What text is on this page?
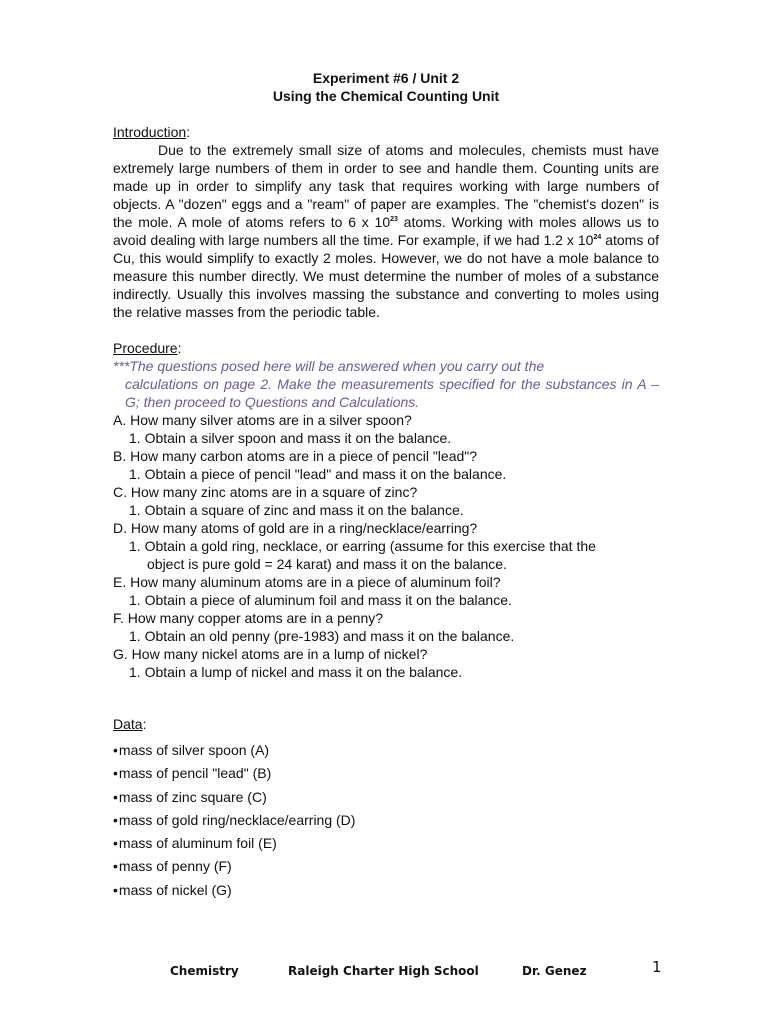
Experiment #6 / Unit 2
Using the Chemical Counting Unit
Introduction:
Due to the extremely small size of atoms and molecules, chemists must have extremely large numbers of them in order to see and handle them. Counting units are made up in order to simplify any task that requires working with large numbers of objects. A "dozen" eggs and a "ream" of paper are examples. The "chemist's dozen" is the mole. A mole of atoms refers to 6 x $10^{23}$ atoms. Working with moles allows us to avoid dealing with large numbers all the time. For example, if we had 1.2 x $10^{24}$ atoms of Cu, this would simplify to exactly 2 moles. However, we do not have a mole balance to measure this number directly. We must determine the number of moles of a substance indirectly. Usually this involves massing the substance and converting to moles using the relative masses from the periodic table.
Procedure:
***The questions posed here will be answered when you carry out the
calculations on page 2. Make the measurements specified for the substances in A – G; then proceed to Questions and Calculations.
A. How many silver atoms are in a silver spoon?
1. Obtain a silver spoon and mass it on the balance.
B. How many carbon atoms are in a piece of pencil "lead"?
1. Obtain a piece of pencil "lead" and mass it on the balance.
C. How many zinc atoms are in a square of zinc?
1. Obtain a square of zinc and mass it on the balance.
D. How many atoms of gold are in a ring/necklace/earring?
1. Obtain a gold ring, necklace, or earring (assume for this exercise that the
object is pure gold = 24 karat) and mass it on the balance.
E. How many aluminum atoms are in a piece of aluminum foil?
1. Obtain a piece of aluminum foil and mass it on the balance.
F. How many copper atoms are in a penny?
1. Obtain an old penny (pre-1983) and mass it on the balance.
G. How many nickel atoms are in a lump of nickel?
1. Obtain a lump of nickel and mass it on the balance.
Data:
•mass of silver spoon (A)
•mass of pencil "lead" (B)
•mass of zinc square (C)
•mass of gold ring/necklace/earring (D)
•mass of aluminum foil (E)
•mass of penny (F)
•mass of nickel (G)
Chemistry	Raleigh Charter High School	Dr. Genez	1
